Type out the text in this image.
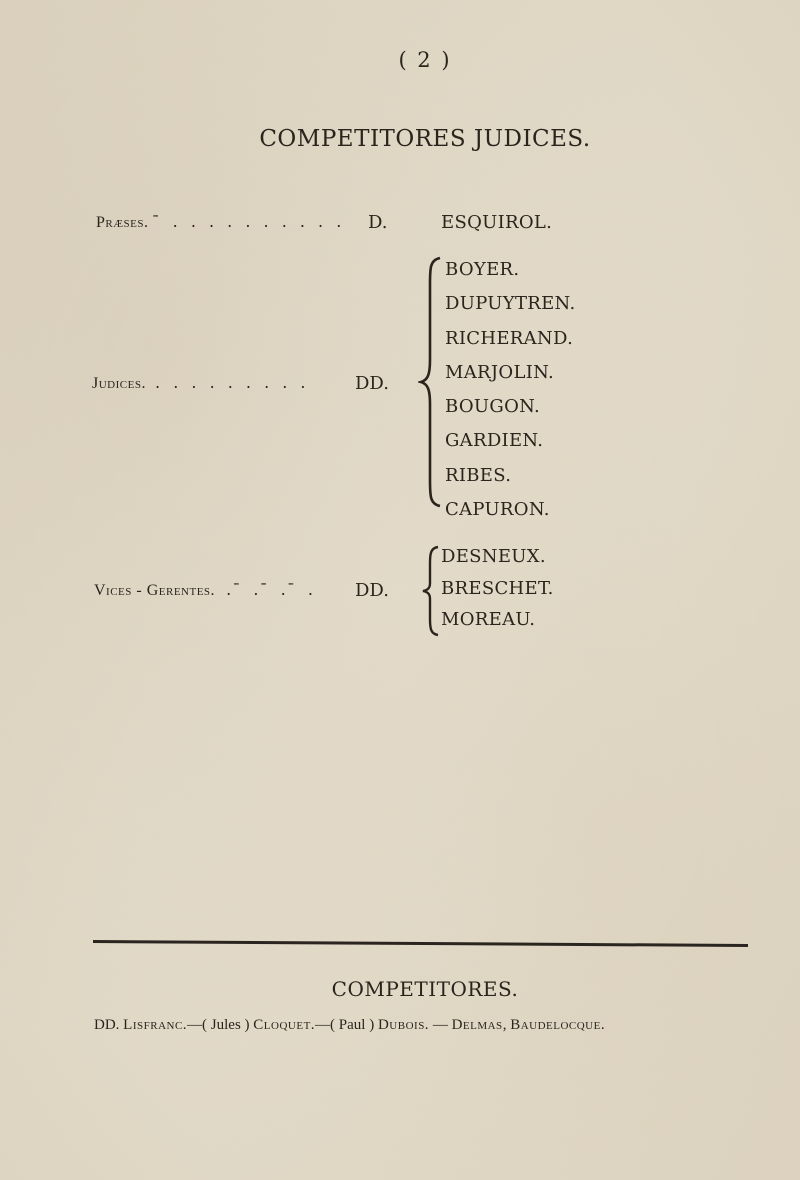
( 2 )
COMPETITORES JUDICES.
Præses. ̄ . . . . . . . . . . D.	ESQUIROL.
Judices. . . . . . . . . .	DD.
BOYER.
DUPUYTREN.
RICHERAND.
MARJOLIN.
BOUGON.
GARDIEN.
RIBES.
CAPURON.
Vices - Gerentes. . ̄ . ̄ . ̄ . DD.
DESNEUX.
BRESCHET.
MOREAU.
COMPETITORES.
DD. Lisfranc.—( Jules ) Cloquet.—( Paul ) Dubois. — Delmas, Baudelocque.
